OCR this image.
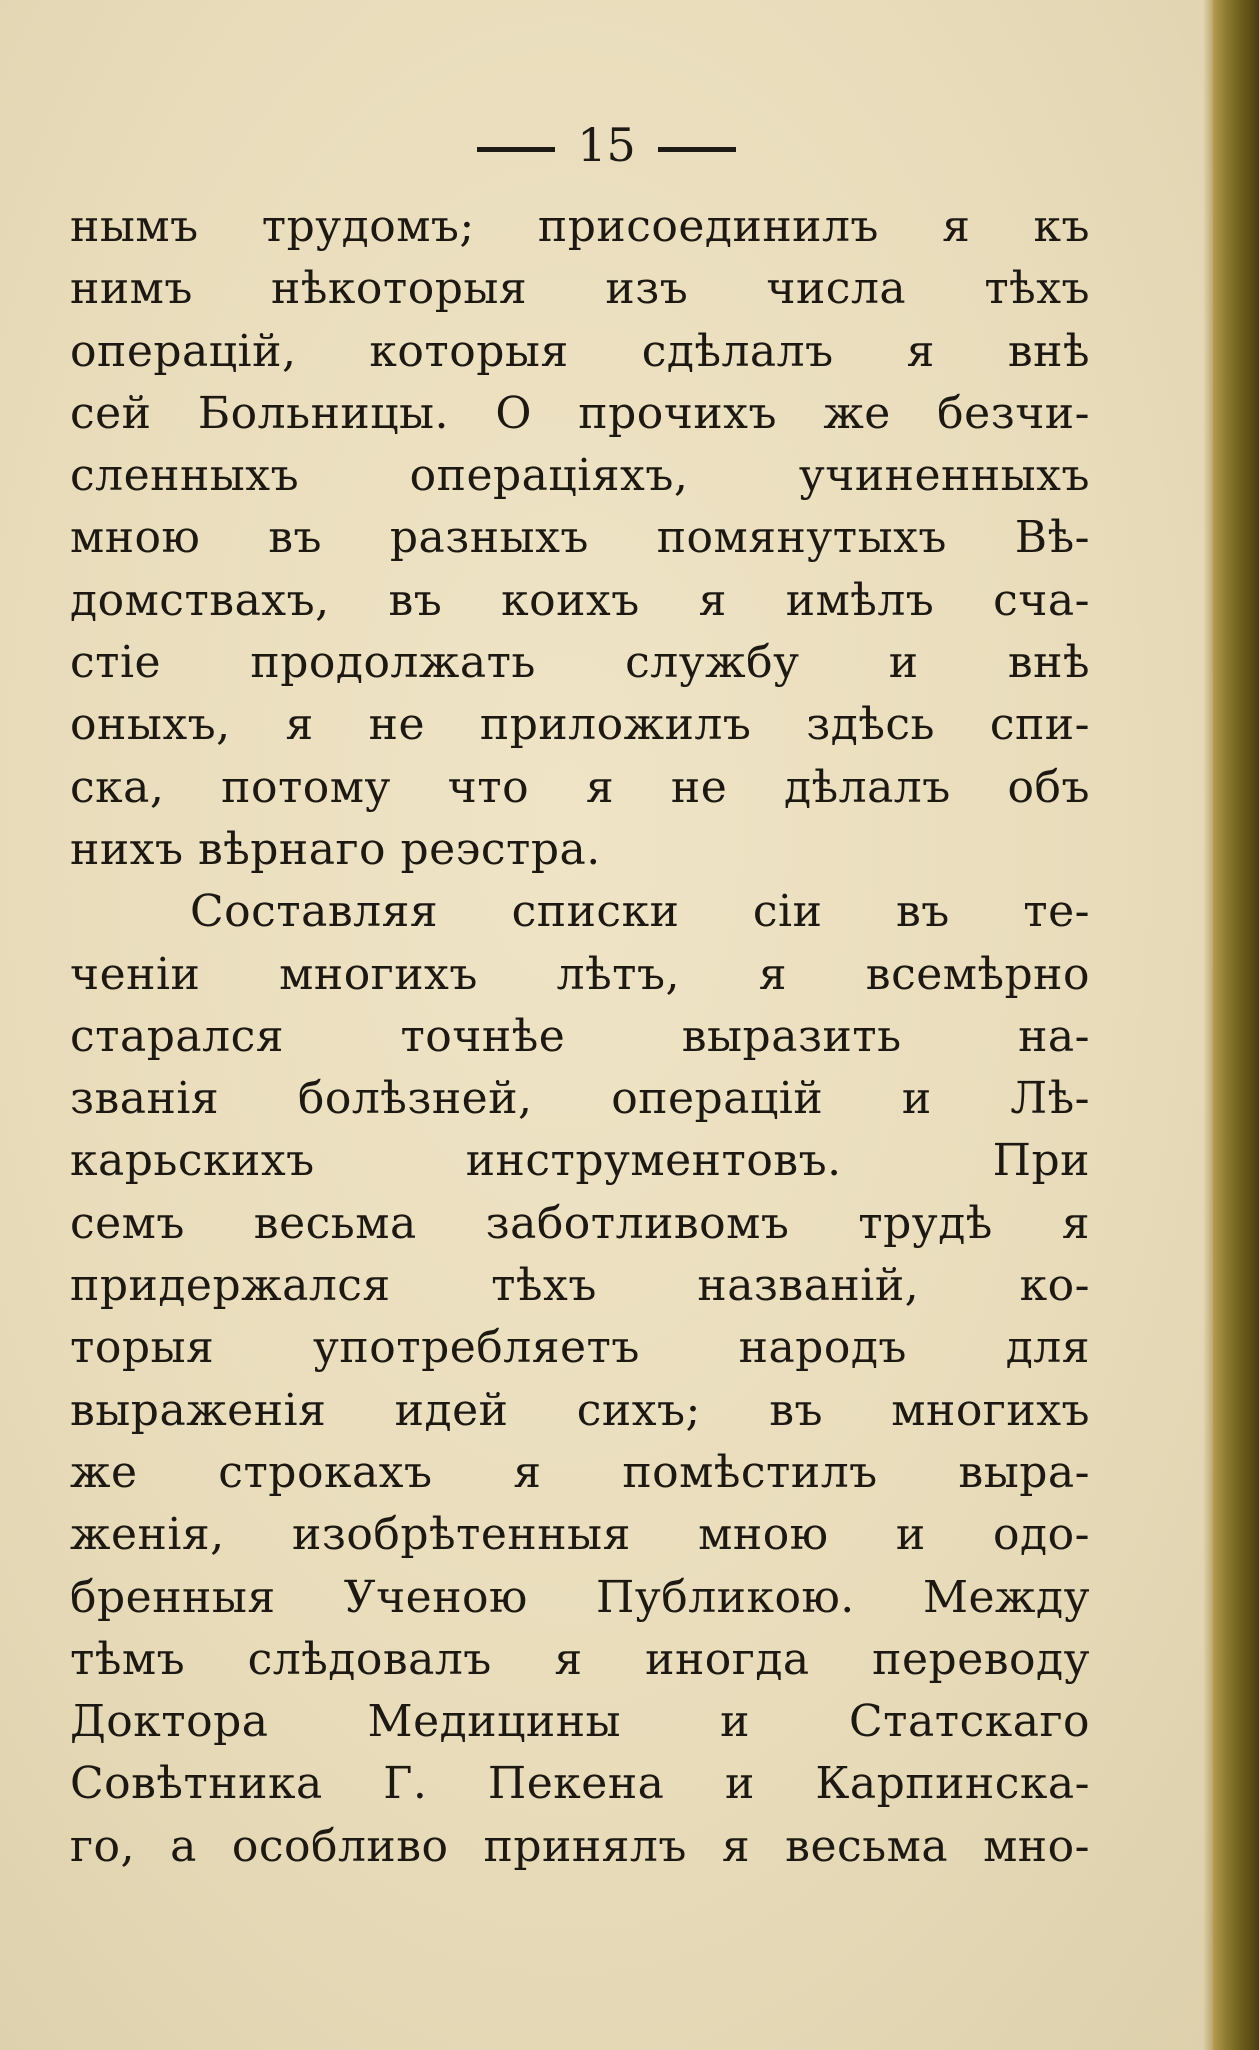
15
нымъ трудомъ; присоединилъ я къ
нимъ нѣкоторыя изъ числа тѣхъ
операцій, которыя сдѣлалъ я внѣ
сей Больницы. О прочихъ же безчи-
сленныхъ операціяхъ, учиненныхъ
мною въ разныхъ помянутыхъ Вѣ-
домствахъ, въ коихъ я имѣлъ сча-
стіе продолжать службу и внѣ
оныхъ, я не приложилъ здѣсь спи-
ска, потому что я не дѣлалъ объ
нихъ вѣрнаго реэстра.
Составляя списки сіи въ те-
ченіи многихъ лѣтъ, я всемѣрно
старался точнѣе выразить на-
званія болѣзней, операцій и Лѣ-
карьскихъ инструментовъ. При
семъ весьма заботливомъ трудѣ я
придержался тѣхъ названій, ко-
торыя употребляетъ народъ для
выраженія идей сихъ; въ многихъ
же строкахъ я помѣстилъ выра-
женія, изобрѣтенныя мною и одо-
бренныя Ученою Публикою. Между
тѣмъ слѣдовалъ я иногда переводу
Доктора Медицины и Статскаго
Совѣтника Г. Пекена и Карпинска-
го, а особливо принялъ я весьма мно-
